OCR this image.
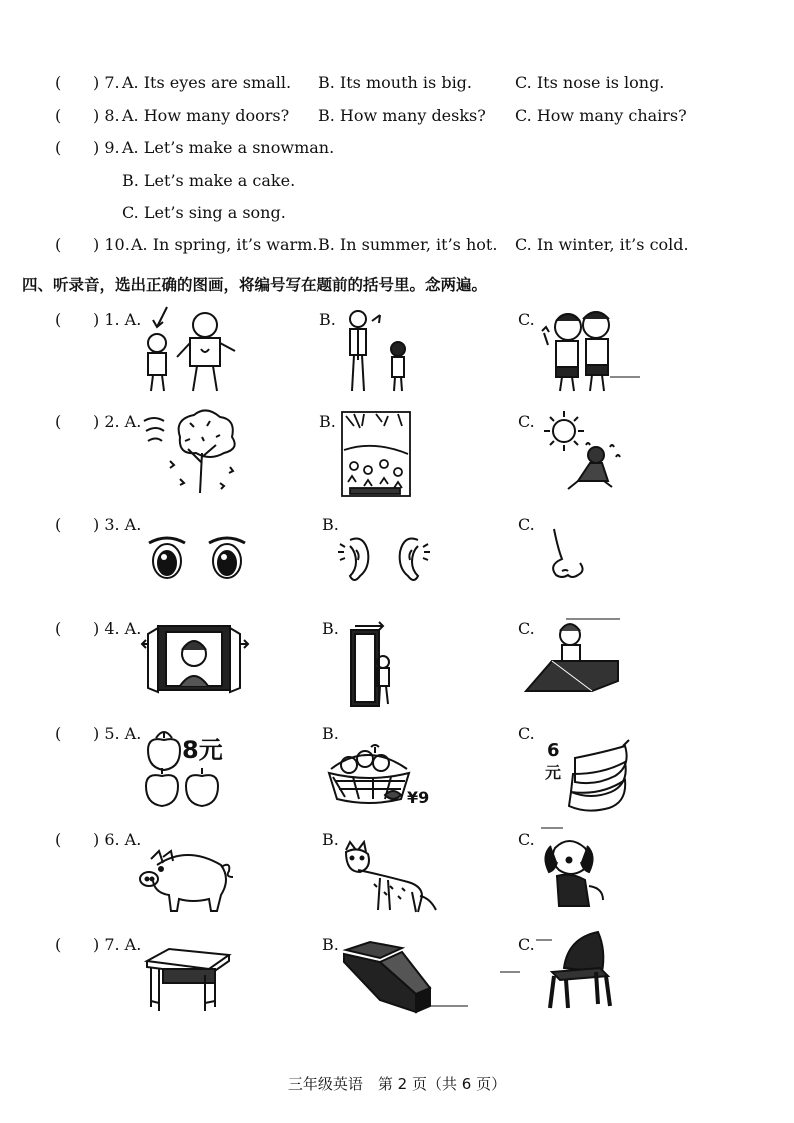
( ) 7. A. Its eyes are small. B. Its mouth is big.	C. Its nose is long.
( ) 8. A. How many doors? B. How many desks? C. How many chairs?
( ) 9. A. Let’s make a snowman.
B. Let’s make a cake.
C. Let’s sing a song.
( ) 10. A. In spring, it’s warm. B. In summer, it’s hot. C. In winter, it’s cold.
四、听录音，选出正确的图画，将编号写在题前的括号里。念两遍。
( ) 1. A.	B.	C.
( ) 2. A.	B.	C.
( ) 3. A.	B.	C.
( ) 4. A.	B.	C.
( ) 5. A.	B.	C.
( ) 6. A.	B.	C.
( ) 7. A.	B.	C.
8元
¥9
6
元
三年级英语　第 2 页（共 6 页）
